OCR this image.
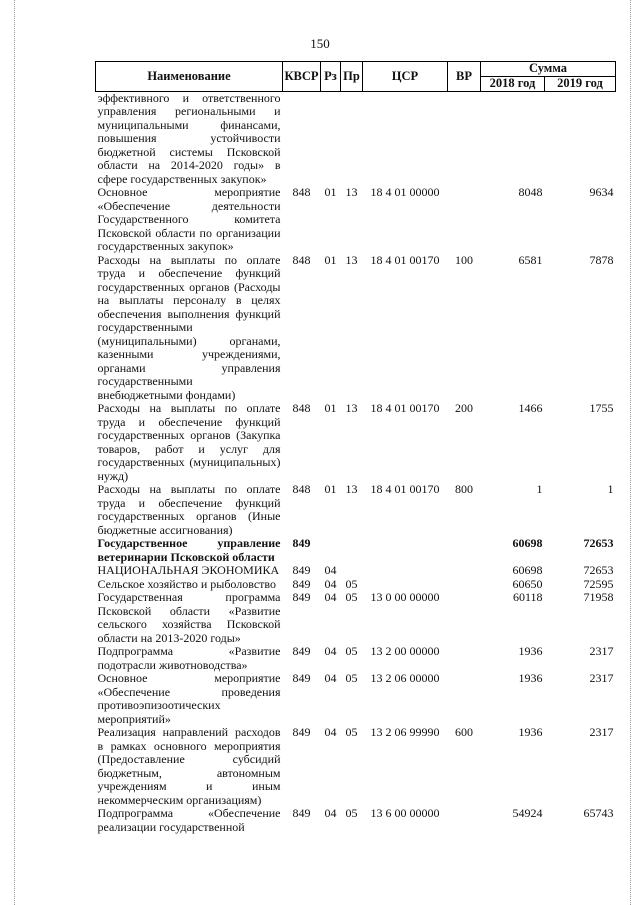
150
Наименование	КВСР	Рз	Пр	ЦСР	ВР	Сумма	
						2018 год	2019 год
эффективного и ответственного управления региональными и муниципальными финансами, повышения устойчивости бюджетной системы Псковской области на 2014-2020 годы» в сфере государственных закупок»							
Основное мероприятие «Обеспечение деятельности Государственного комитета Псковской области по организации государственных закупок»	848	01	13	18 4 01 00000		8048	9634
Расходы на выплаты по оплате труда и обеспечение функций государственных органов (Расходы на выплаты персоналу в целях обеспечения выполнения функций государственными (муниципальными) органами, казенными учреждениями, органами управления государственными внебюджетными фондами)	848	01	13	18 4 01 00170	100	6581	7878
Расходы на выплаты по оплате труда и обеспечение функций государственных органов (Закупка товаров, работ и услуг для государственных (муниципальных) нужд)	848	01	13	18 4 01 00170	200	1466	1755
Расходы на выплаты по оплате труда и обеспечение функций государственных органов (Иные бюджетные ассигнования)	848	01	13	18 4 01 00170	800	1	1
Государственное управление ветеринарии Псковской области	849					60698	72653
НАЦИОНАЛЬНАЯ ЭКОНОМИКА	849	04				60698	72653
Сельское хозяйство и рыболовство	849	04	05			60650	72595
Государственная программа Псковской области «Развитие сельского хозяйства Псковской области на 2013-2020 годы»	849	04	05	13 0 00 00000		60118	71958
Подпрограмма «Развитие подотрасли животноводства»	849	04	05	13 2 00 00000		1936	2317
Основное мероприятие «Обеспечение проведения противоэпизоотических мероприятий»	849	04	05	13 2 06 00000		1936	2317
Реализация направлений расходов в рамках основного мероприятия (Предоставление субсидий бюджетным, автономным учреждениям и иным некоммерческим организациям)	849	04	05	13 2 06 99990	600	1936	2317
Подпрограмма «Обеспечение реализации государственной	849	04	05	13 6 00 00000		54924	65743
